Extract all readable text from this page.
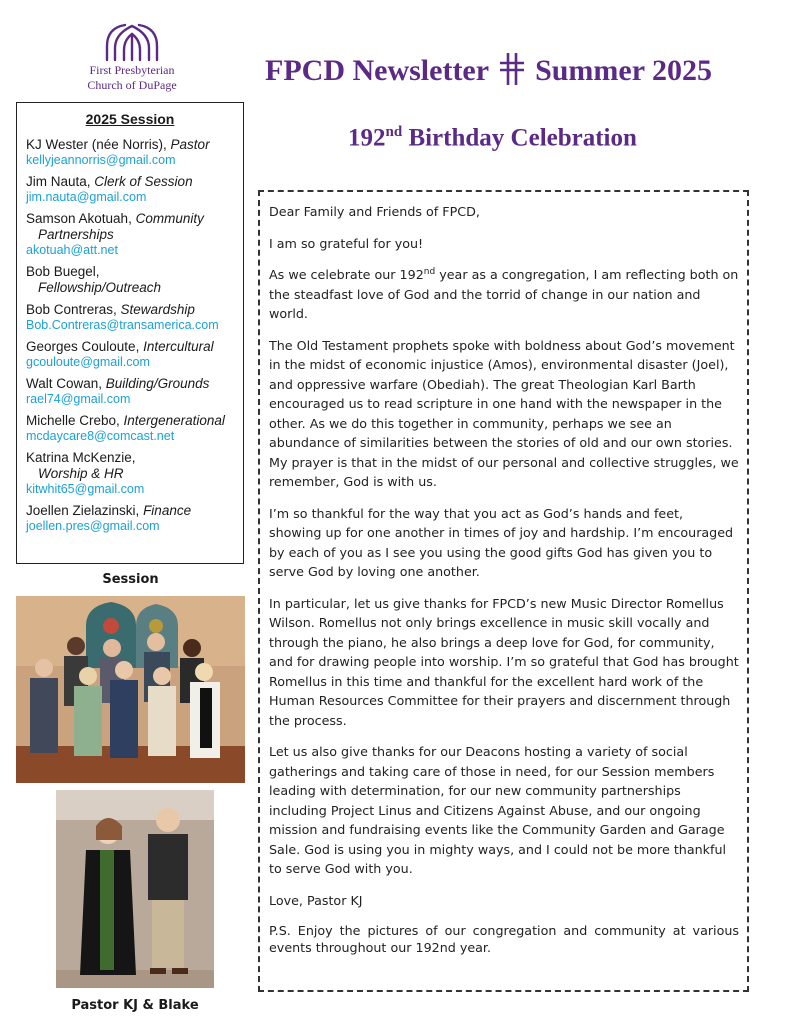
First Presbyterian
Church of DuPage	FPCD Newsletter Summer 2025
192nd Birthday Celebration
2025 Session
KJ Wester (née Norris), Pastor
kellyjeannorris@gmail.com
Jim Nauta, Clerk of Session
jim.nauta@gmail.com
Samson Akotuah, Community
Partnerships
akotuah@att.net
Bob Buegel,
Fellowship/Outreach
Bob Contreras, Stewardship
Bob.Contreras@transamerica.com
Georges Couloute, Intercultural
gcouloute@gmail.com
Walt Cowan, Building/Grounds
rael74@gmail.com
Michelle Crebo, Intergenerational
mcdaycare8@comcast.net
Katrina McKenzie,
Worship & HR
kitwhit65@gmail.com
Joellen Zielazinski, Finance
joellen.pres@gmail.com
Session
Pastor KJ & Blake

Dear Family and Friends of FPCD,

I am so grateful for you!

As we celebrate our 192nd year as a congregation, I am reflecting both on the steadfast love of God and the torrid of change in our nation and world.

The Old Testament prophets spoke with boldness about God’s movement in the midst of economic injustice (Amos), environmental disaster (Joel), and oppressive warfare (Obediah). The great Theologian Karl Barth encouraged us to read scripture in one hand with the newspaper in the other. As we do this together in community, perhaps we see an abundance of similarities between the stories of old and our own stories. My prayer is that in the midst of our personal and collective struggles, we remember, God is with us.

I’m so thankful for the way that you act as God’s hands and feet, showing up for one another in times of joy and hardship. I’m encouraged by each of you as I see you using the good gifts God has given you to serve God by loving one another.

In particular, let us give thanks for FPCD’s new Music Director Romellus Wilson. Romellus not only brings excellence in music skill vocally and through the piano, he also brings a deep love for God, for community, and for drawing people into worship. I’m so grateful that God has brought Romellus in this time and thankful for the excellent hard work of the Human Resources Committee for their prayers and discernment through the process.

Let us also give thanks for our Deacons hosting a variety of social gatherings and taking care of those in need, for our Session members leading with determination, for our new community partnerships including Project Linus and Citizens Against Abuse, and our ongoing mission and fundraising events like the Community Garden and Garage Sale. God is using you in mighty ways, and I could not be more thankful to serve God with you.

Love, Pastor KJ

P.S. Enjoy the pictures of our congregation and community at various events throughout our 192nd year.
